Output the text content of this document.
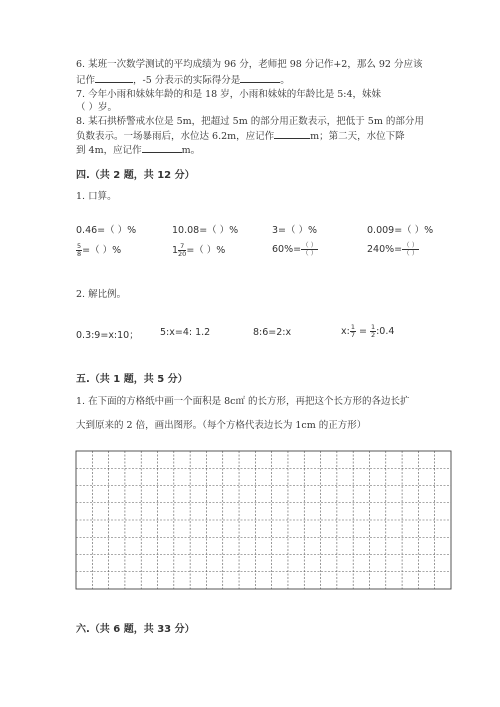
6. 某班一次数学测试的平均成绩为 96 分，老师把 98 分记作+2，那么 92 分应该
记作	，-5 分表示的实际得分是	。
7. 今年小雨和妹妹年龄的和是 18 岁，小雨和妹妹的年龄比是 5:4，妹妹
（ ）岁。
8. 某石拱桥警戒水位是 5m，把超过 5m 的部分用正数表示，把低于 5m 的部分用
负数表示。一场暴雨后，水位达 6.2m，应记作	m；第二天，水位下降
到 4m，应记作	m。
四.（共 2 题，共 12 分）
1. 口算。
0.46=（ ）%	10.08=（ ）%	3=（ ）%	0.009=（ ）%
$\frac{5}{8}$ =（ ）%	$1 \frac{7}{20}$ =（ ）%	$60\%= \frac{( )}{( )}$	$240\%= \frac{( )}{( )}$
2. 解比例。
0.3:9=x:10； 5:x=4: 1.2	8:6=2:x	x: $\frac{1}{7} = \frac{1}{2}$ :0.4
五.（共 1 题，共 5 分）
1. 在下面的方格纸中画一个面积是 8c㎡ 的长方形，再把这个长方形的各边长扩
大到原来的 2 倍，画出图形。（每个方格代表边长为 1cm 的正方形）
六.（共 6 题，共 33 分）
